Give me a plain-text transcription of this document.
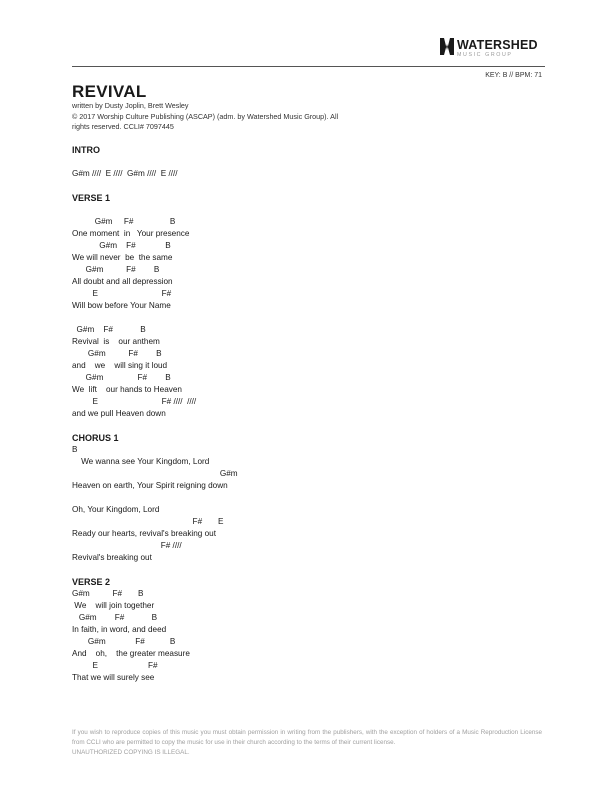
WATERSHED
MUSIC GROUP
KEY: B // BPM: 71
REVIVAL
written by Dusty Joplin, Brett Wesley
© 2017 Worship Culture Publishing (ASCAP) (adm. by Watershed Music Group). All
rights reserved. CCLI# 7097445
INTRO
G#m ////  E ////  G#m ////  E ////
VERSE 1
G#m     F#                B
One moment  in   Your presence
G#m    F#             B
We will never  be  the same
G#m          F#        B
All doubt and all depression
E                            F#
Will bow before Your Name
G#m    F#            B
Revival  is    our anthem
G#m          F#        B
and    we    will sing it loud
G#m               F#        B
We  lift    our hands to Heaven
E                            F# ////  ////
and we pull Heaven down
CHORUS 1
B
We wanna see Your Kingdom, Lord
G#m
Heaven on earth, Your Spirit reigning down
Oh, Your Kingdom, Lord
F#       E
Ready our hearts, revival's breaking out
F# ////
Revival's breaking out
VERSE 2
G#m          F#       B
We    will join together
G#m        F#            B
In faith, in word, and deed
G#m             F#           B
And    oh,    the greater measure
E                      F#
That we will surely see
If you wish to reproduce copies of this music you must obtain permission in writing from the publishers, with the exception of holders of a Music Reproduction License from CCLI who are permitted to copy the music for use in their church according to the terms of their current license.
UNAUTHORIZED COPYING IS ILLEGAL.
